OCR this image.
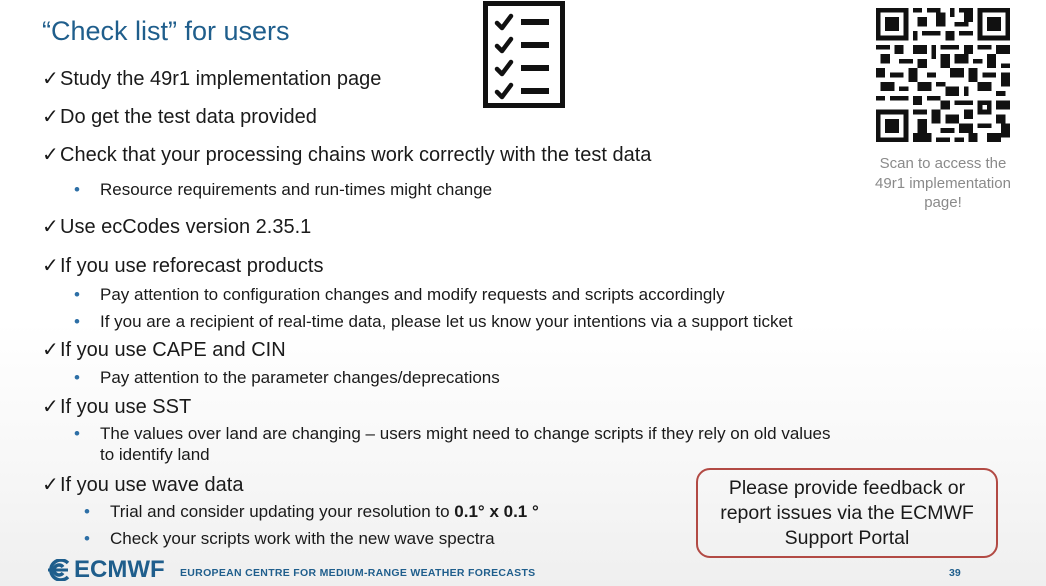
“Check list” for users
✓Study the 49r1 implementation page
✓Do get the test data provided
✓Check that your processing chains work correctly with the test data
• Resource requirements and run-times might change
✓Use ecCodes version 2.35.1
✓If you use reforecast products
• Pay attention to configuration changes and modify requests and scripts accordingly
• If you are a recipient of real-time data, please let us know your intentions via a support ticket
✓If you use CAPE and CIN
• Pay attention to the parameter changes/deprecations
✓If you use SST
• The values over land are changing – users might need to change scripts if they rely on old values to identify land
✓If you use wave data
• Trial and consider updating your resolution to 0.1° x 0.1 °
• Check your scripts work with the new wave spectra
Scan to access the 49r1 implementation page!
Please provide feedback or report issues via the ECMWF Support Portal
ECMWF EUROPEAN CENTRE FOR MEDIUM-RANGE WEATHER FORECASTS	39
